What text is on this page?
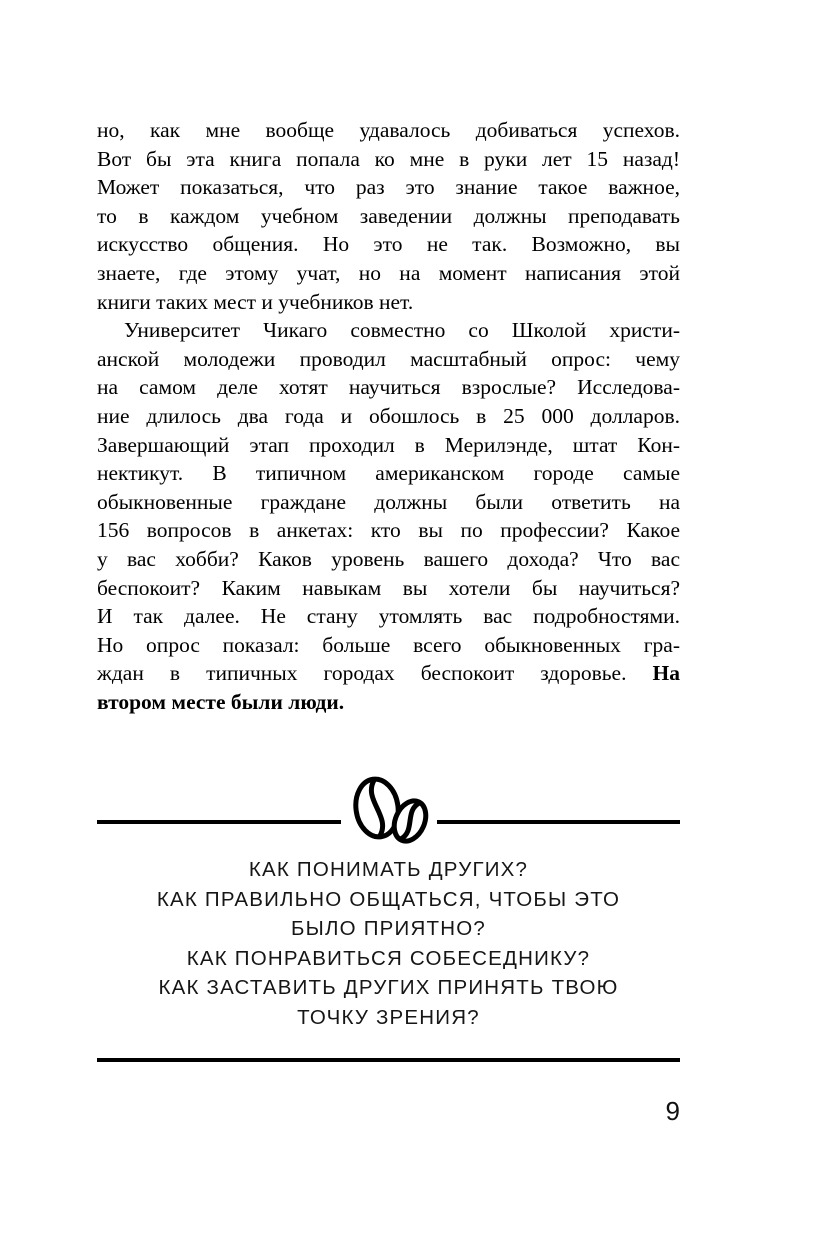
но, как мне вообще удавалось добиваться успехов.
Вот бы эта книга попала ко мне в руки лет 15 назад!
Может показаться, что раз это знание такое важное,
то в каждом учебном заведении должны преподавать
искусство общения. Но это не так. Возможно, вы
знаете, где этому учат, но на момент написания этой
книги таких мест и учебников нет.
Университет Чикаго совместно со Школой христи-
анской молодежи проводил масштабный опрос: чему
на самом деле хотят научиться взрослые? Исследова-
ние длилось два года и обошлось в 25 000 долларов.
Завершающий этап проходил в Мерилэнде, штат Кон-
нектикут. В типичном американском городе самые
обыкновенные граждане должны были ответить на
156 вопросов в анкетах: кто вы по профессии? Какое
у вас хобби? Каков уровень вашего дохода? Что вас
беспокоит? Каким навыкам вы хотели бы научиться?
И так далее. Не стану утомлять вас подробностями.
Но опрос показал: больше всего обыкновенных гра-
ждан в типичных городах беспокоит здоровье. На
втором месте были люди.
КАК ПОНИМАТЬ ДРУГИХ?
КАК ПРАВИЛЬНО ОБЩАТЬСЯ, ЧТОБЫ ЭТО
БЫЛО ПРИЯТНО?
КАК ПОНРАВИТЬСЯ СОБЕСЕДНИКУ?
КАК ЗАСТАВИТЬ ДРУГИХ ПРИНЯТЬ ТВОЮ
ТОЧКУ ЗРЕНИЯ?
9
